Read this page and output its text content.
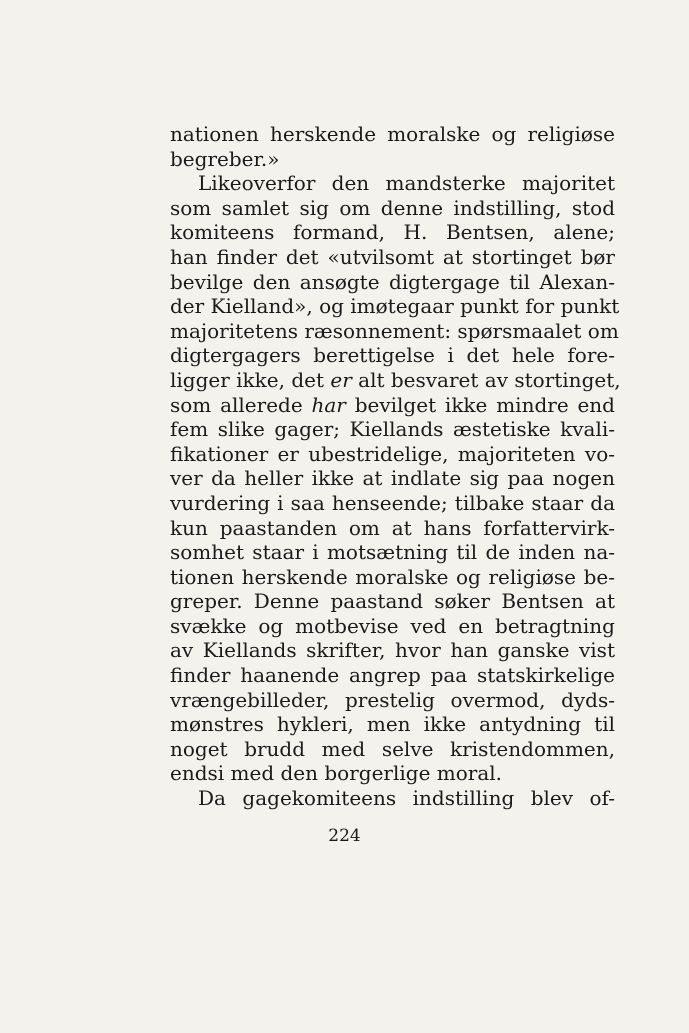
nationen herskende moralske og religiøse
begreber.»
Likeoverfor den mandsterke majoritet
som samlet sig om denne indstilling, stod
komiteens formand, H. Bentsen, alene;
han finder det «utvilsomt at stortinget bør
bevilge den ansøgte digtergage til Alexan-
der Kielland», og imøtegaar punkt for punkt
majoritetens ræsonnement: spørsmaalet om
digtergagers berettigelse i det hele fore-
ligger ikke, det er alt besvaret av stortinget,
som allerede har bevilget ikke mindre end
fem slike gager; Kiellands æstetiske kvali-
fikationer er ubestridelige, majoriteten vo-
ver da heller ikke at indlate sig paa nogen
vurdering i saa henseende; tilbake staar da
kun paastanden om at hans forfattervirk-
somhet staar i motsætning til de inden na-
tionen herskende moralske og religiøse be-
greper. Denne paastand søker Bentsen at
svække og motbevise ved en betragtning
av Kiellands skrifter, hvor han ganske vist
finder haanende angrep paa statskirkelige
vrængebilleder, prestelig overmod, dyds-
mønstres hykleri, men ikke antydning til
noget brudd med selve kristendommen,
endsi med den borgerlige moral.
Da gagekomiteens indstilling blev of-
224
